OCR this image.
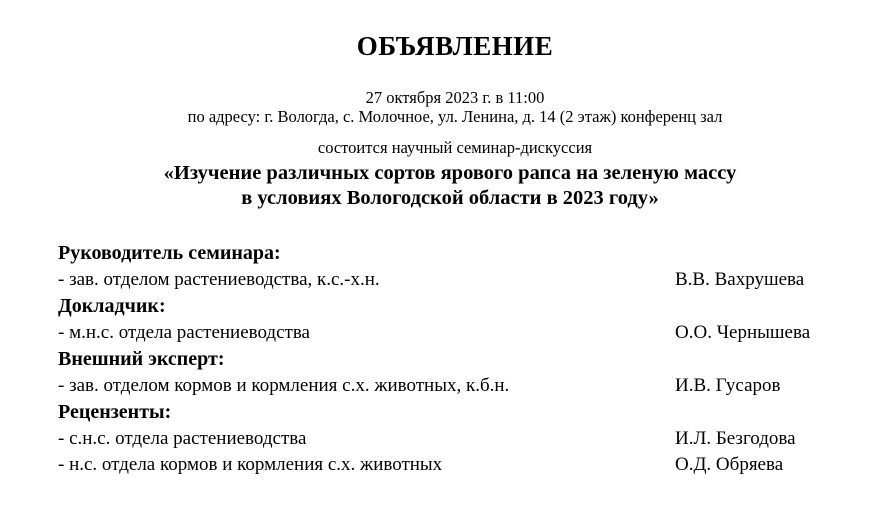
ОБЪЯВЛЕНИЕ
27 октября 2023 г. в 11:00
по адресу: г. Вологда, с. Молочное, ул. Ленина, д. 14 (2 этаж) конференц зал
состоится научный семинар-дискуссия
«Изучение различных сортов ярового рапса на зеленую массу
в условиях Вологодской области в 2023 году»
Руководитель семинара:
- зав. отделом растениеводства, к.с.-х.н.	В.В. Вахрушева
Докладчик:
- м.н.с. отдела растениеводства	О.О. Чернышева
Внешний эксперт:
- зав. отделом кормов и кормления с.х. животных, к.б.н.	И.В. Гусаров
Рецензенты:
- с.н.с. отдела растениеводства	И.Л. Безгодова
- н.с. отдела кормов и кормления с.х. животных	О.Д. Обряева
